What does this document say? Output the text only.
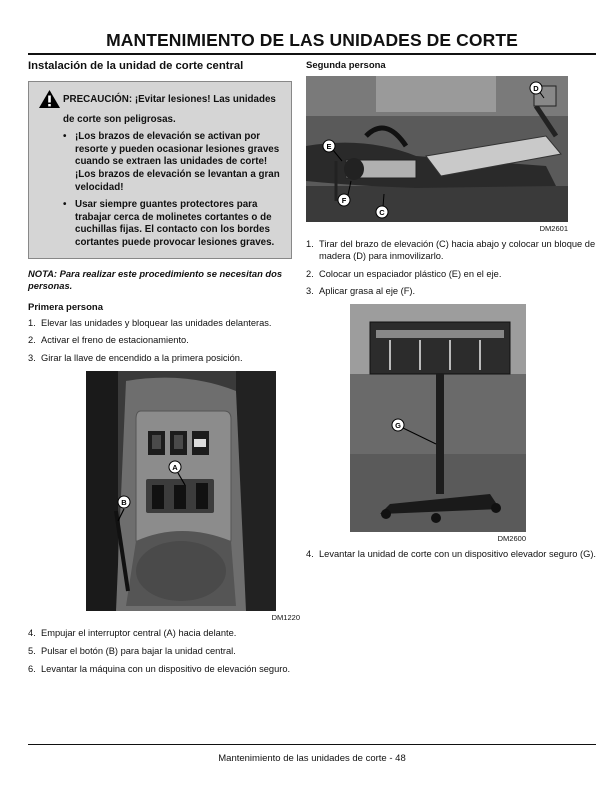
MANTENIMIENTO DE LAS UNIDADES DE CORTE
Instalación de la unidad de corte central
PRECAUCIÓN: ¡Evitar lesiones! Las unidades
de corte son peligrosas.
• ¡Los brazos de elevación se activan por resorte y pueden ocasionar lesiones graves cuando se extraen las unidades de corte! ¡Los brazos de elevación se levantan a gran velocidad!
• Usar siempre guantes protectores para trabajar cerca de molinetes cortantes o de cuchillas fijas. El contacto con los bordes cortantes puede provocar lesiones graves.
NOTA: Para realizar este procedimiento se necesitan dos personas.
Primera persona
1. Elevar las unidades y bloquear las unidades delanteras.
2. Activar el freno de estacionamiento.
3. Girar la llave de encendido a la primera posición.
A
B
DM1220
4. Empujar el interruptor central (A) hacia delante.
5. Pulsar el botón (B) para bajar la unidad central.
6. Levantar la máquina con un dispositivo de elevación seguro.
Segunda persona
D
E
F
C
DM2601
1. Tirar del brazo de elevación (C) hacia abajo y colocar un bloque de madera (D) para inmovilizarlo.
2. Colocar un espaciador plástico (E) en el eje.
3. Aplicar grasa al eje (F).
G
DM2600
4. Levantar la unidad de corte con un dispositivo elevador seguro (G).
Mantenimiento de las unidades de corte - 48
